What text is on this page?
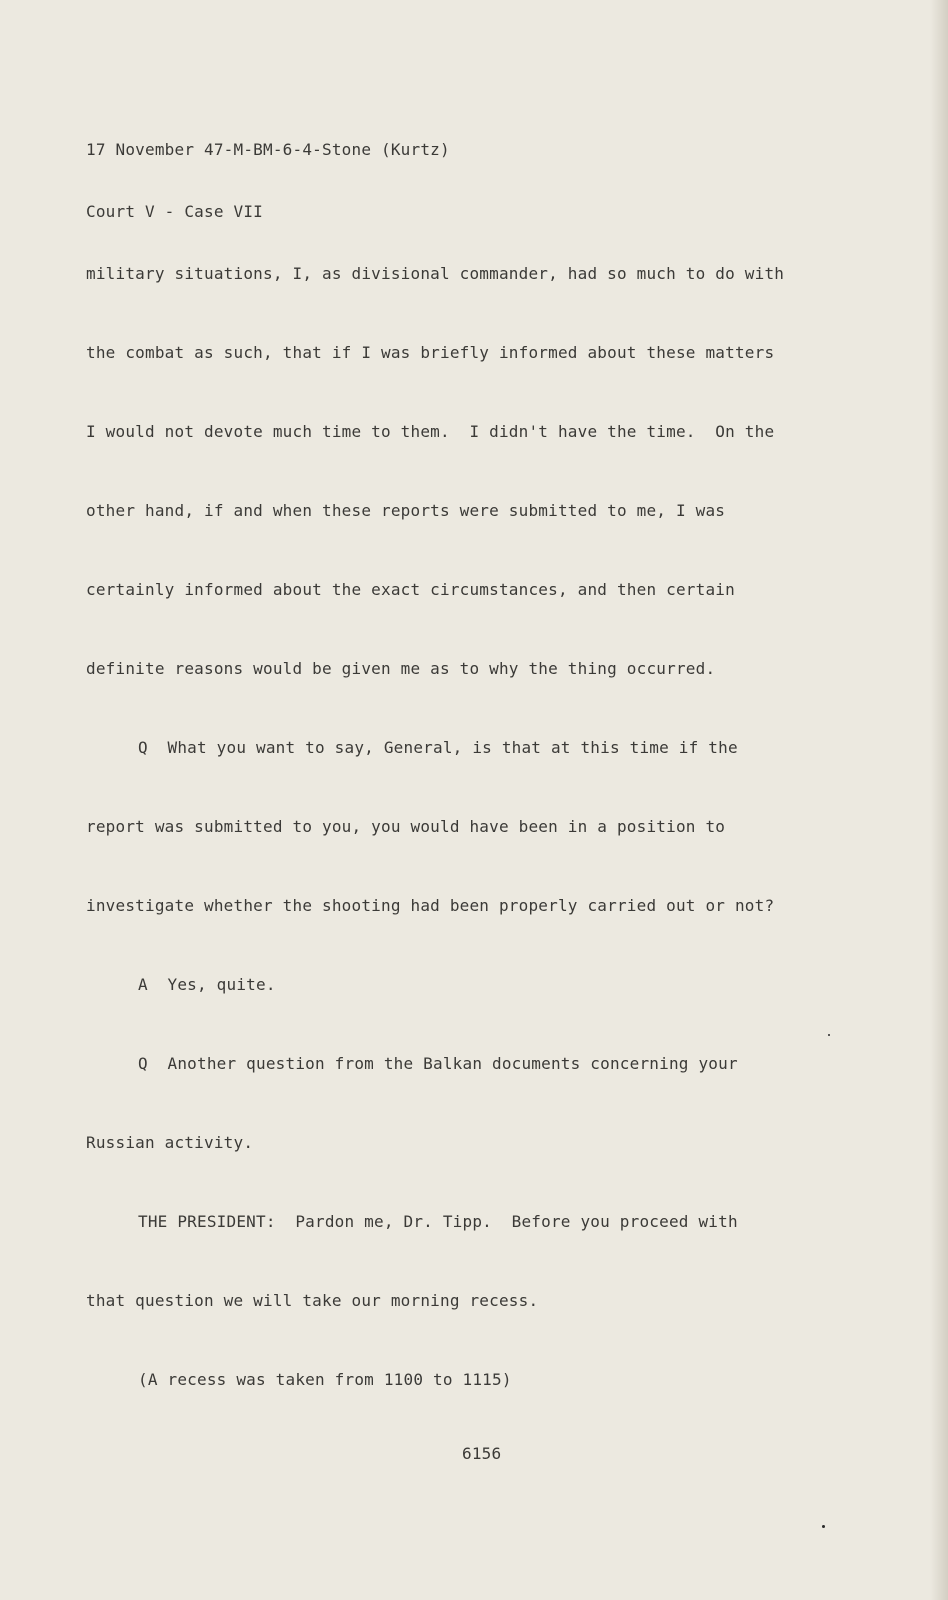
17 November 47-M-BM-6-4-Stone (Kurtz)

Court V - Case VII

military situations, I, as divisional commander, had so much to do with

the combat as such, that if I was briefly informed about these matters

I would not devote much time to them.  I didn't have the time.  On the

other hand, if and when these reports were submitted to me, I was

certainly informed about the exact circumstances, and then certain

definite reasons would be given me as to why the thing occurred.

Q  What you want to say, General, is that at this time if the

report was submitted to you, you would have been in a position to

investigate whether the shooting had been properly carried out or not?

A  Yes, quite.

Q  Another question from the Balkan documents concerning your

Russian activity.

THE PRESIDENT:  Pardon me, Dr. Tipp.  Before you proceed with

that question we will take our morning recess.

(A recess was taken from 1100 to 1115)

6156
